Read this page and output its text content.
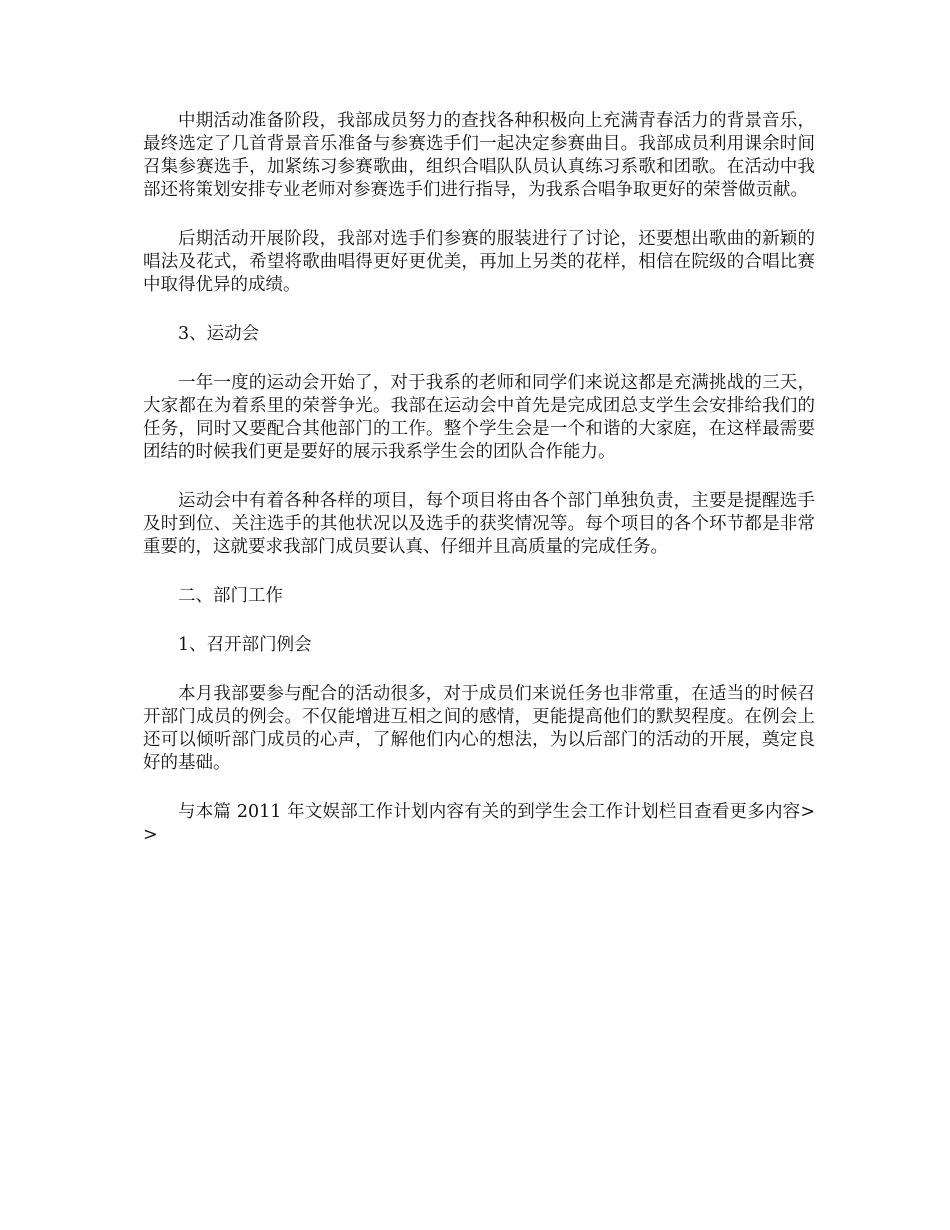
中期活动准备阶段，我部成员努力的查找各种积极向上充满青春活力的背景音乐，最终选定了几首背景音乐准备与参赛选手们一起决定参赛曲目。我部成员利用课余时间召集参赛选手，加紧练习参赛歌曲，组织合唱队队员认真练习系歌和团歌。在活动中我部还将策划安排专业老师对参赛选手们进行指导，为我系合唱争取更好的荣誉做贡献。

后期活动开展阶段，我部对选手们参赛的服装进行了讨论，还要想出歌曲的新颖的唱法及花式，希望将歌曲唱得更好更优美，再加上另类的花样，相信在院级的合唱比赛中取得优异的成绩。

3、运动会

一年一度的运动会开始了，对于我系的老师和同学们来说这都是充满挑战的三天，大家都在为着系里的荣誉争光。我部在运动会中首先是完成团总支学生会安排给我们的任务，同时又要配合其他部门的工作。整个学生会是一个和谐的大家庭，在这样最需要团结的时候我们更是要好的展示我系学生会的团队合作能力。

运动会中有着各种各样的项目，每个项目将由各个部门单独负责，主要是提醒选手及时到位、关注选手的其他状况以及选手的获奖情况等。每个项目的各个环节都是非常重要的，这就要求我部门成员要认真、仔细并且高质量的完成任务。

二、部门工作

1、召开部门例会

本月我部要参与配合的活动很多，对于成员们来说任务也非常重，在适当的时候召开部门成员的例会。不仅能增进互相之间的感情，更能提高他们的默契程度。在例会上还可以倾听部门成员的心声，了解他们内心的想法，为以后部门的活动的开展，奠定良好的基础。

与本篇 2011 年文娱部工作计划内容有关的到学生会工作计划栏目查看更多内容>>
